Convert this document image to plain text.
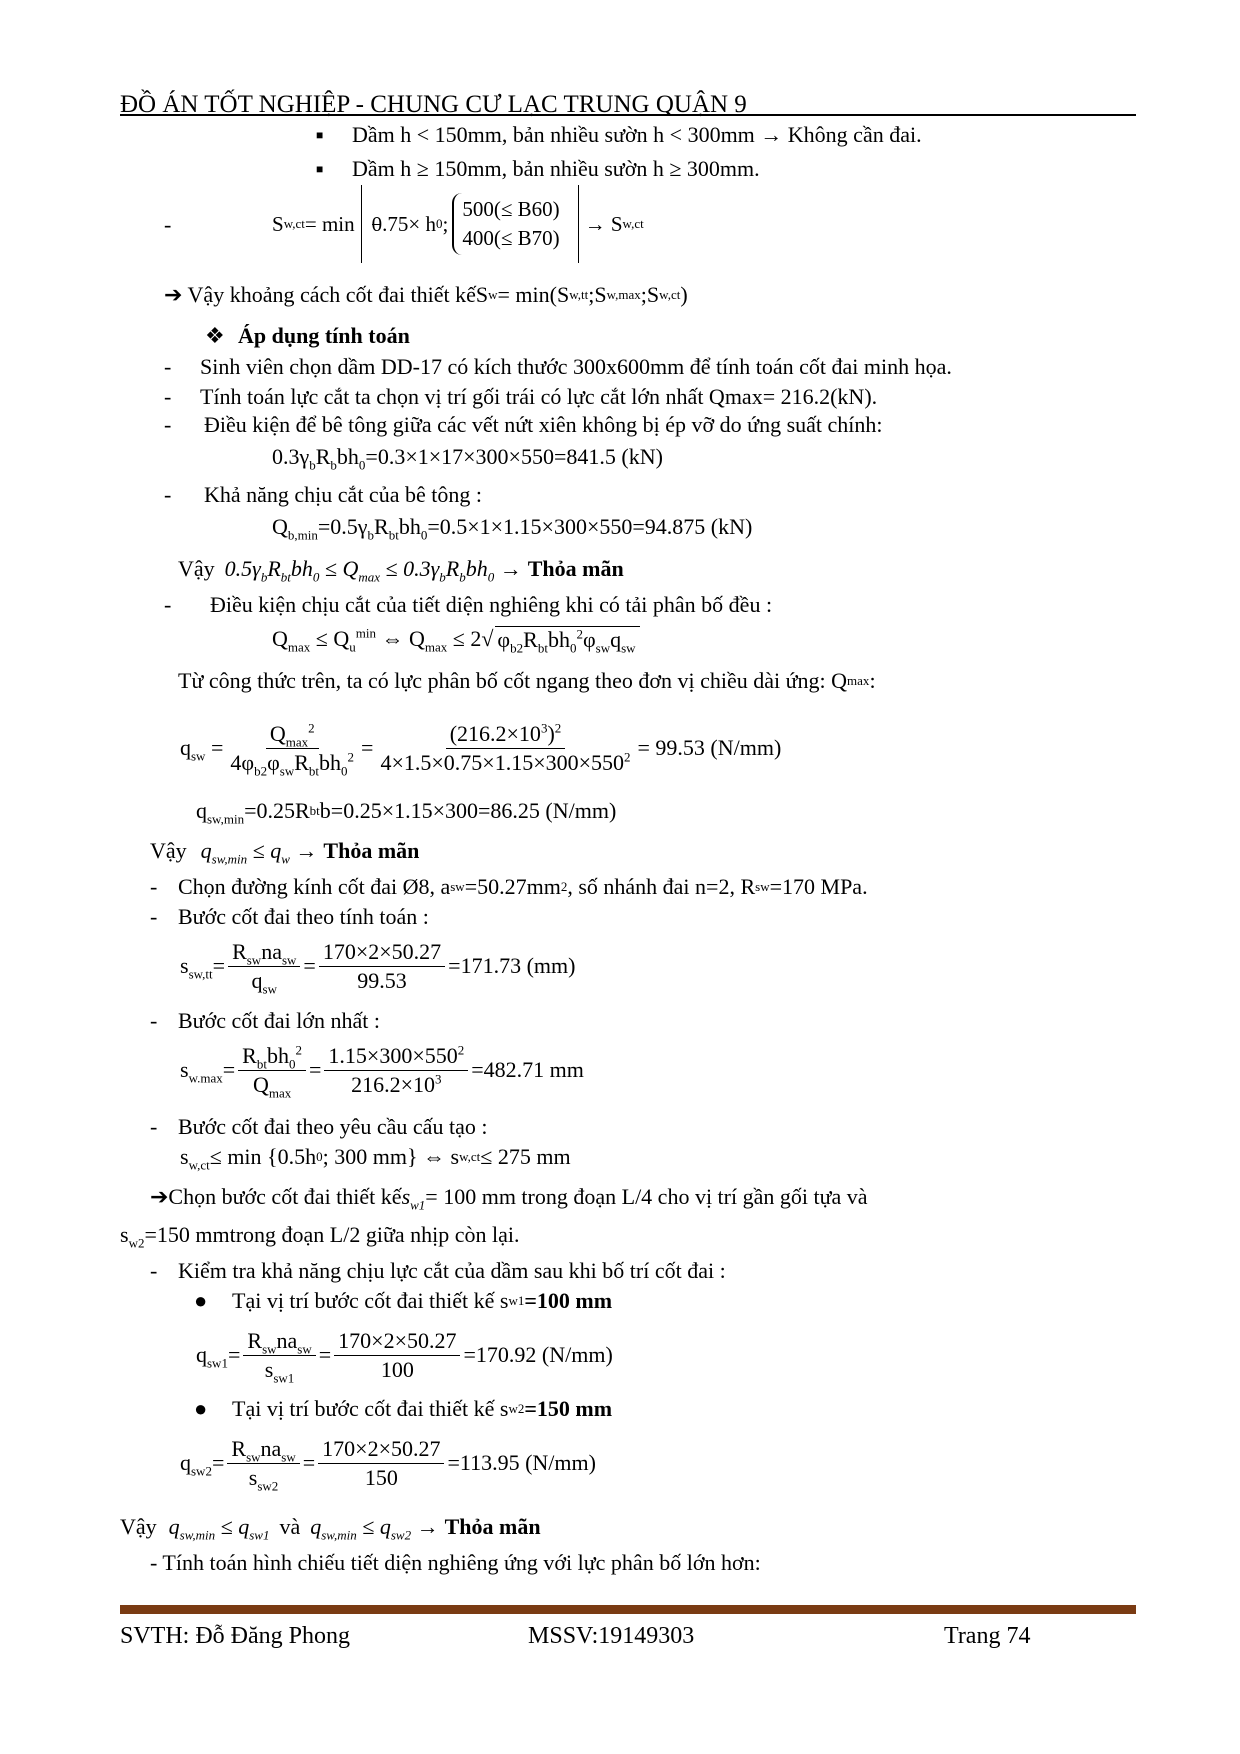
ĐỒ ÁN TỐT NGHIỆP - CHUNG CƯ LẠC TRUNG QUẬN 9
■ Dầm h < 150mm, bản nhiều sườn h < 300mm → Không cần đai.
■ Dầm h ≥ 150mm, bản nhiều sườn h ≥ 300mm.
-	S w,ct = min 0.75× h 0 ;
500(≤ B60)
400(≤ B70)
→ S w,ct
➔ Vậy khoảng cách cốt đai thiết kế S w = min(S w,tt ;S w,max ;S w,ct )
❖ Áp dụng tính toán
- Sinh viên chọn dầm DD-17 có kích thước 300x600mm để tính toán cốt đai minh họa.
- Tính toán lực cắt ta chọn vị trí gối trái có lực cắt lớn nhất Qmax= 216.2(kN).
- Điều kiện để bê tông giữa các vết nứt xiên không bị ép vỡ do ứng suất chính:
$0.3\gamma_bR_bbh_0 =0.3\times 1\times 17\times 300\times 550=841.5$ (kN)
- Khả năng chịu cắt của bê tông :
$Q_{b,min}=0.5\gamma_bR_{bt}bh_0 =0.5\times 1\times 1.15\times 300\times 550=94.875$ (kN)
Vậy $0.5\gamma_bR_{bt}bh_0 \le Q_{max} \le 0.3\gamma_bR_bbh_0$ → Thỏa mãn
- Điều kiện chịu cắt của tiết diện nghiêng khi có tải phân bố đều :
$Q_{max} \le Q_u^{min}$ ⇔ $Q_{max} \le 2√$ $\varphi_{b2}R_{bt}bh_0^2\varphi_{sw}q_{sw}$
Từ công thức trên, ta có lực phân bố cốt ngang theo đơn vị chiều dài ứng: Q max :
$q_{sw} = \frac{Q_{max}^2}{4\varphi_{b2}\varphi_{sw}R_{bt}bh_0^2} = \frac{(216.2\times 10^3)^2}{4\times 1.5\times 0.75\times 1.15\times 300\times 550^2} = 99.53$ (N/mm)
$q_{sw,min} =0.25R$ bt b=0.25×1.15×300=86.25 (N/mm)
Vậy $q_{sw,min} \le q_w$ → Thỏa mãn
- Chọn đường kính cốt đai Ø8, a sw =50.27mm 2 , số nhánh đai n=2, R sw =170 MPa.
- Bước cốt đai theo tính toán :
$s_{sw,tt}= \frac{R_{sw}na_{sw}}{q_{sw}} = \frac{170\times 2\times 50.27}{99.53} =171.73$ (mm)
- Bước cốt đai lớn nhất :
$s_{w.max}= \frac{R_{bt}bh_0^2}{Q_{max}} = \frac{1.15\times 300\times 550^2}{216.2\times 10^3} =482.71$ mm
- Bước cốt đai theo yêu cầu cấu tạo :
$s_{w,ct} \le \min \{0.5h$ 0 ; 300 mm} ⇔ s w,ct ≤ 275 mm
➔Chọn bước cốt đai thiết kế $s_{w1} = 100$ mm trong đoạn L/4 cho vị trí gần gối tựa và
$s_{w2} =150$ mm trong đoạn L/2 giữa nhịp còn lại.
- Kiểm tra khả năng chịu lực cắt của dầm sau khi bố trí cốt đai :
● Tại vị trí bước cốt đai thiết kế s w1 =100 mm
$q_{sw1}= \frac{R_{sw}na_{sw}}{s_{sw1}} = \frac{170\times 2\times 50.27}{100} =170.92$ (N/mm)
● Tại vị trí bước cốt đai thiết kế s w2 =150 mm
$q_{sw2}= \frac{R_{sw}na_{sw}}{s_{sw2}} = \frac{170\times 2\times 50.27}{150} =113.95$ (N/mm)
Vậy $q_{sw,min} \le q_{sw1}$ và $q_{sw,min} \le q_{sw2}$ → Thỏa mãn
- Tính toán hình chiếu tiết diện nghiêng ứng với lực phân bố lớn hơn:
SVTH: Đỗ Đăng Phong	MSSV:19149303	Trang 74
